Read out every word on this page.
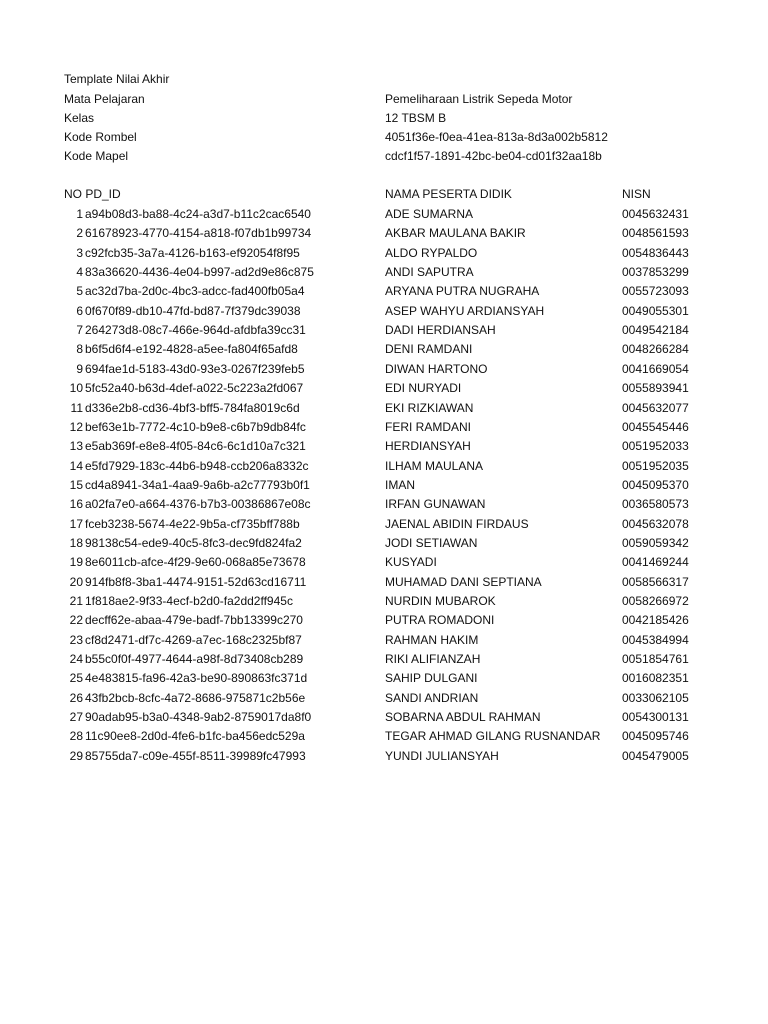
Template Nilai Akhir
Mata Pelajaran	Pemeliharaan Listrik Sepeda Motor
Kelas	12 TBSM B
Kode Rombel	4051f36e-f0ea-41ea-813a-8d3a002b5812
Kode Mapel	cdcf1f57-1891-42bc-be04-cd01f32aa18b
NO PD_ID	NAMA PESERTA DIDIK	NISN
1 a94b08d3-ba88-4c24-a3d7-b11c2cac6540	ADE SUMARNA	0045632431
2 61678923-4770-4154-a818-f07db1b99734	AKBAR MAULANA BAKIR	0048561593
3 c92fcb35-3a7a-4126-b163-ef92054f8f95	ALDO RYPALDO	0054836443
4 83a36620-4436-4e04-b997-ad2d9e86c875	ANDI SAPUTRA	0037853299
5 ac32d7ba-2d0c-4bc3-adcc-fad400fb05a4	ARYANA PUTRA NUGRAHA	0055723093
6 0f670f89-db10-47fd-bd87-7f379dc39038	ASEP WAHYU ARDIANSYAH	0049055301
7 264273d8-08c7-466e-964d-afdbfa39cc31	DADI HERDIANSAH	0049542184
8 b6f5d6f4-e192-4828-a5ee-fa804f65afd8	DENI RAMDANI	0048266284
9 694fae1d-5183-43d0-93e3-0267f239feb5	DIWAN HARTONO	0041669054
10 5fc52a40-b63d-4def-a022-5c223a2fd067	EDI NURYADI	0055893941
11 d336e2b8-cd36-4bf3-bff5-784fa8019c6d	EKI RIZKIAWAN	0045632077
12 bef63e1b-7772-4c10-b9e8-c6b7b9db84fc	FERI RAMDANI	0045545446
13 e5ab369f-e8e8-4f05-84c6-6c1d10a7c321	HERDIANSYAH	0051952033
14 e5fd7929-183c-44b6-b948-ccb206a8332c	ILHAM MAULANA	0051952035
15 cd4a8941-34a1-4aa9-9a6b-a2c77793b0f1	IMAN	0045095370
16 a02fa7e0-a664-4376-b7b3-00386867e08c	IRFAN GUNAWAN	0036580573
17 fceb3238-5674-4e22-9b5a-cf735bff788b	JAENAL ABIDIN FIRDAUS	0045632078
18 98138c54-ede9-40c5-8fc3-dec9fd824fa2	JODI SETIAWAN	0059059342
19 8e6011cb-afce-4f29-9e60-068a85e73678	KUSYADI	0041469244
20 914fb8f8-3ba1-4474-9151-52d63cd16711	MUHAMAD DANI SEPTIANA	0058566317
21 1f818ae2-9f33-4ecf-b2d0-fa2dd2ff945c	NURDIN MUBAROK	0058266972
22 decff62e-abaa-479e-badf-7bb13399c270	PUTRA ROMADONI	0042185426
23 cf8d2471-df7c-4269-a7ec-168c2325bf87	RAHMAN HAKIM	0045384994
24 b55c0f0f-4977-4644-a98f-8d73408cb289	RIKI ALIFIANZAH	0051854761
25 4e483815-fa96-42a3-be90-890863fc371d	SAHIP DULGANI	0016082351
26 43fb2bcb-8cfc-4a72-8686-975871c2b56e	SANDI ANDRIAN	0033062105
27 90adab95-b3a0-4348-9ab2-8759017da8f0	SOBARNA ABDUL RAHMAN	0054300131
28 11c90ee8-2d0d-4fe6-b1fc-ba456edc529a	TEGAR AHMAD GILANG RUSNANDAR 0045095746
29 85755da7-c09e-455f-8511-39989fc47993	YUNDI JULIANSYAH	0045479005
